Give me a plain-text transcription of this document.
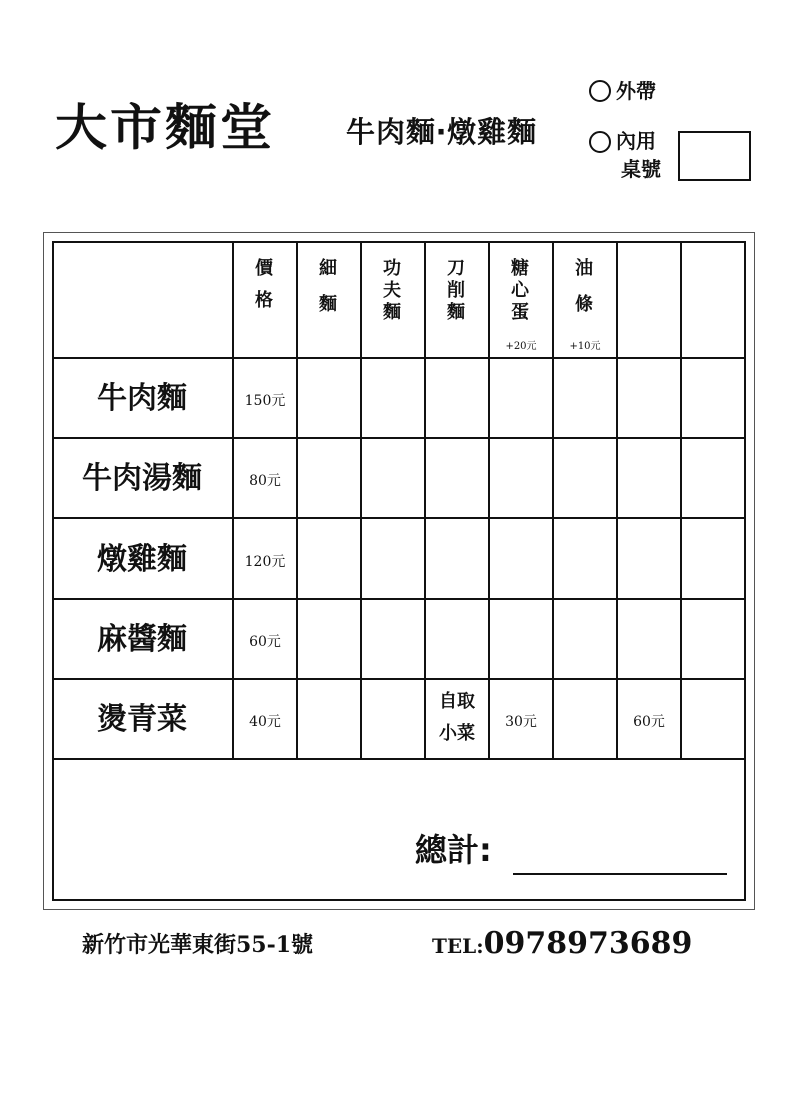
大市麵堂 牛肉麵‧燉雞麵
外帶
內用
桌號
價
格
細
麵
功
夫
麵
刀
削
麵
糖
心
蛋
+20元
油
條
+10元
牛肉麵
牛肉湯麵
燉雞麵
麻醬麵
燙青菜
150元
80元
120元
60元
40元
自取
小菜
30元	60元
總計:
新竹市光華東街55-1號	TEL:0978973689
